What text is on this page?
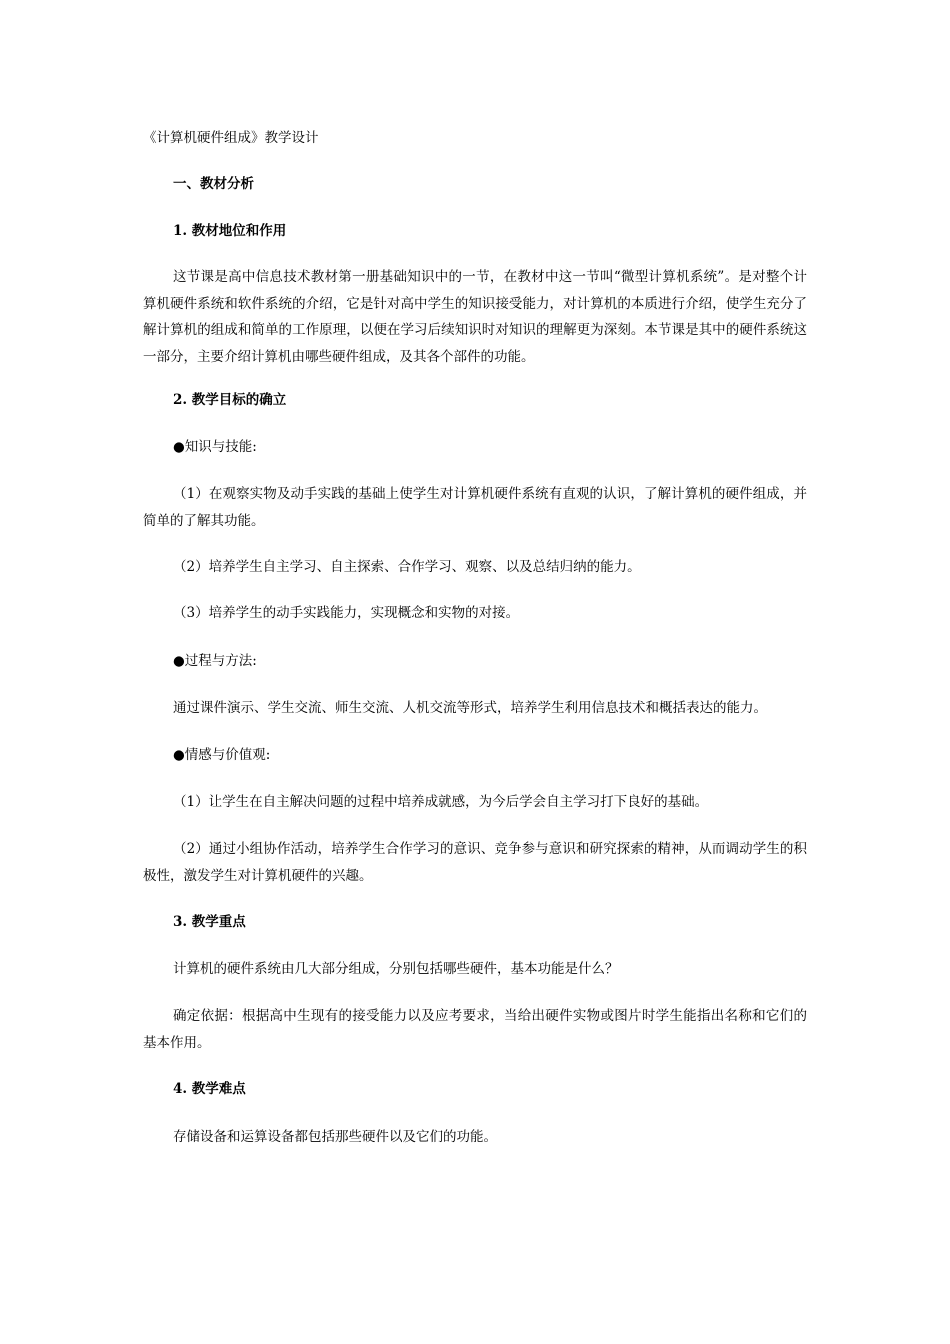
《计算机硬件组成》教学设计
一、教材分析
1. 教材地位和作用
这节课是高中信息技术教材第一册基础知识中的一节，在教材中这一节叫“微型计算机系统”。是对整个计算机硬件系统和软件系统的介绍，它是针对高中学生的知识接受能力，对计算机的本质进行介绍，使学生充分了解计算机的组成和简单的工作原理，以便在学习后续知识时对知识的理解更为深刻。本节课是其中的硬件系统这一部分，主要介绍计算机由哪些硬件组成，及其各个部件的功能。
2. 教学目标的确立
●知识与技能:
（1）在观察实物及动手实践的基础上使学生对计算机硬件系统有直观的认识，了解计算机的硬件组成，并简单的了解其功能。
（2）培养学生自主学习、自主探索、合作学习、观察、以及总结归纳的能力。
（3）培养学生的动手实践能力，实现概念和实物的对接。
●过程与方法:
通过课件演示、学生交流、师生交流、人机交流等形式，培养学生利用信息技术和概括表达的能力。
●情感与价值观:
（1）让学生在自主解决问题的过程中培养成就感，为今后学会自主学习打下良好的基础。
（2）通过小组协作活动，培养学生合作学习的意识、竞争参与意识和研究探索的精神，从而调动学生的积极性，激发学生对计算机硬件的兴趣。
3. 教学重点
计算机的硬件系统由几大部分组成，分别包括哪些硬件，基本功能是什么？
确定依据：根据高中生现有的接受能力以及应考要求，当给出硬件实物或图片时学生能指出名称和它们的基本作用。
4. 教学难点
存储设备和运算设备都包括那些硬件以及它们的功能。
